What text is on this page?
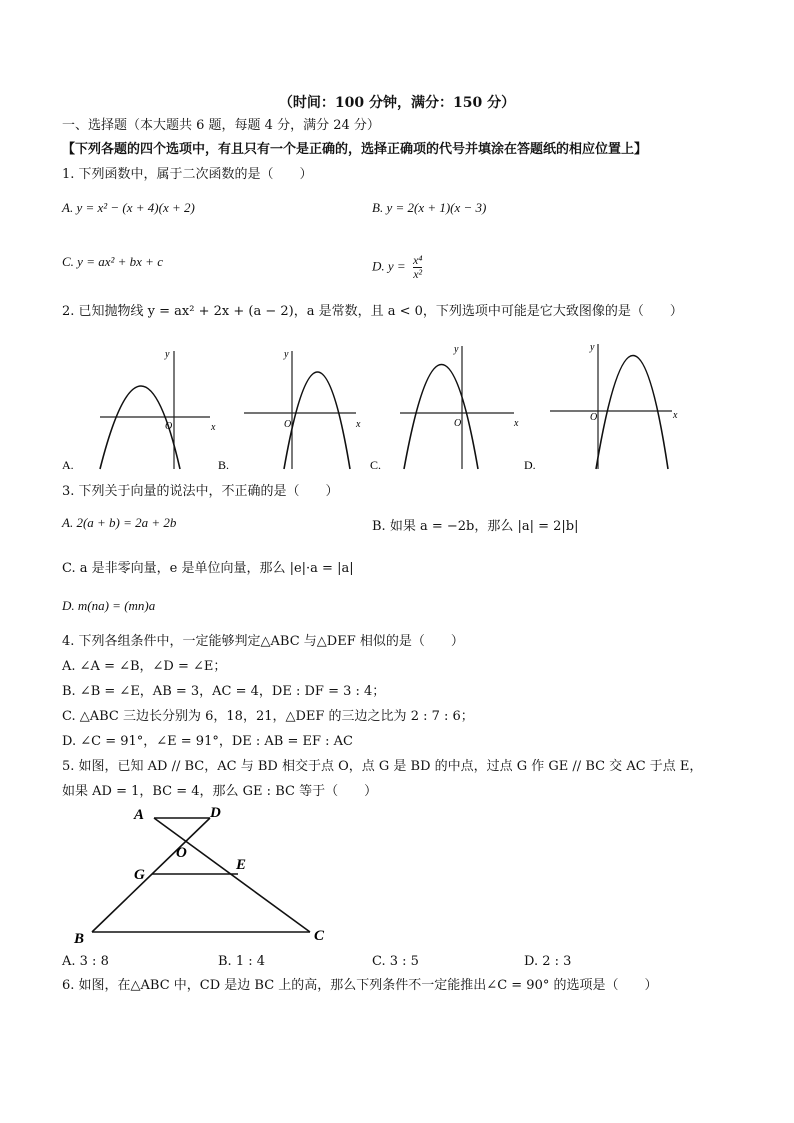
（时间：100 分钟，满分：150 分）
一、选择题（本大题共 6 题，每题 4 分，满分 24 分）
【下列各题的四个选项中，有且只有一个是正确的，选择正确项的代号并填涂在答题纸的相应位置上】
1. 下列函数中，属于二次函数的是（　　）
A. y = x² − (x + 4)(x + 2)	B. y = 2(x + 1)(x − 3)
C. y = ax² + bx + c	D. $y = \frac{\text{x⁴}}{\text{x²}}$
2. 已知抛物线 y = ax² + 2x + (a − 2)，a 是常数，且 a < 0，下列选项中可能是它大致图像的是（　　）
x
y
O
A.
x
y
O
B.
x
y
O
C.
x
y
O
D.
3. 下列关于向量的说法中，不正确的是（　　）
A. 2(a + b) = 2a + 2b	B. 如果 a = −2b，那么 |a| = 2|b|
C. a 是非零向量，e 是单位向量，那么 |e|·a = |a|
D. m(na) = (mn)a
4. 下列各组条件中，一定能够判定△ABC 与△DEF 相似的是（　　）
A. ∠A = ∠B，∠D = ∠E；
B. ∠B = ∠E，AB = 3，AC = 4，DE : DF = 3 : 4；
C. △ABC 三边长分别为 6，18，21，△DEF 的三边之比为 2 : 7 : 6；
D. ∠C = 91°，∠E = 91°，DE : AB = EF : AC
5. 如图，已知 AD // BC，AC 与 BD 相交于点 O，点 G 是 BD 的中点，过点 G 作 GE // BC 交 AC 于点 E，
如果 AD = 1，BC = 4，那么 GE : BC 等于（　　）
A	D
O
G
E
B	C
A. 3 : 8	B. 1 : 4	C. 3 : 5	D. 2 : 3
6. 如图，在△ABC 中，CD 是边 BC 上的高，那么下列条件不一定能推出∠C = 90° 的选项是（　　）
